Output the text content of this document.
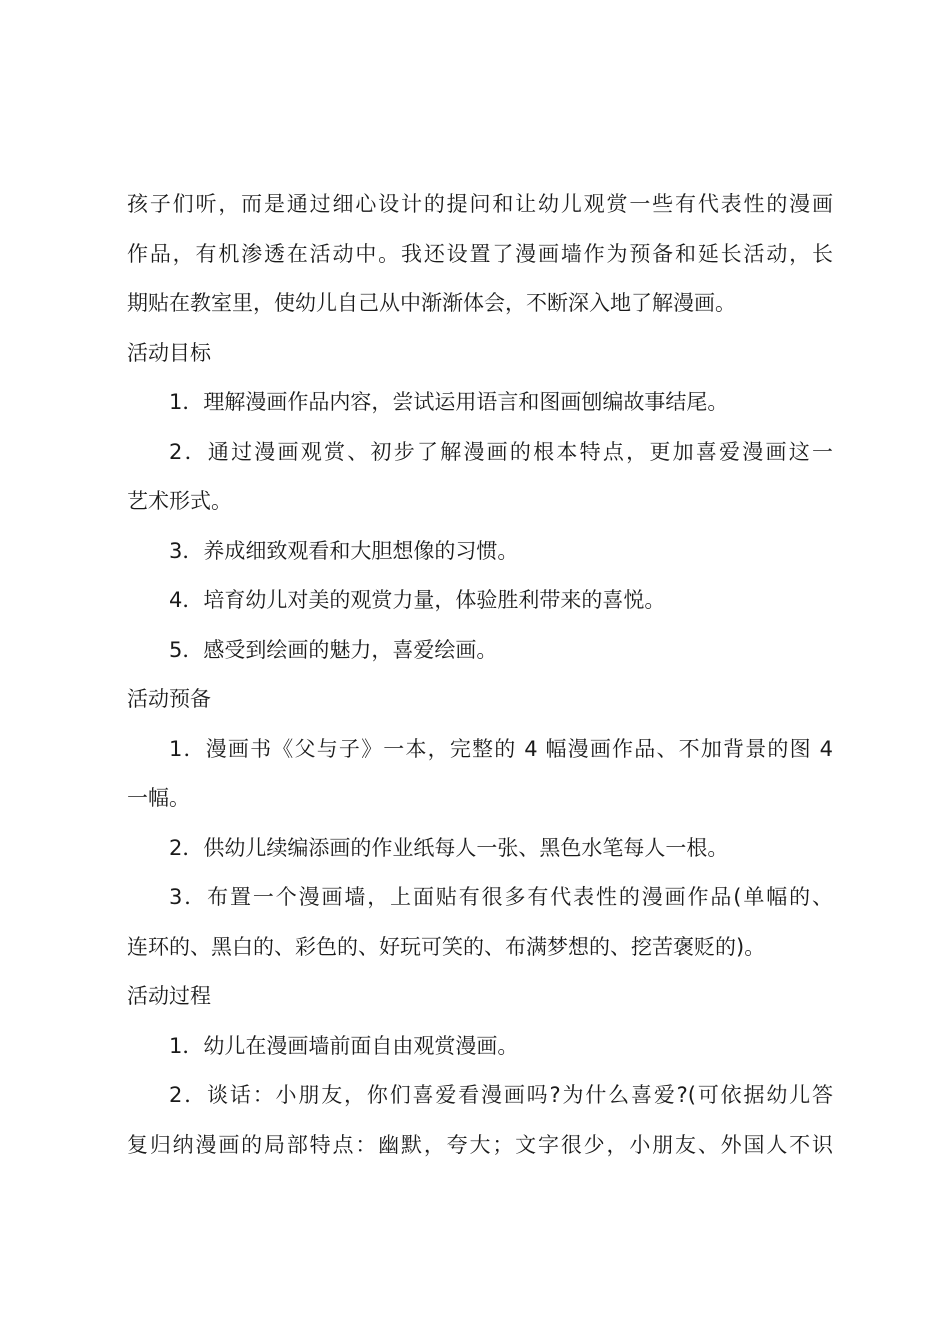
孩子们听，而是通过细心设计的提问和让幼儿观赏一些有代表性的漫画
作品，有机渗透在活动中。我还设置了漫画墙作为预备和延长活动，长
期贴在教室里，使幼儿自己从中渐渐体会，不断深入地了解漫画。
活动目标
1．理解漫画作品内容，尝试运用语言和图画刨编故事结尾。
2．通过漫画观赏、初步了解漫画的根本特点，更加喜爱漫画这一
艺术形式。
3．养成细致观看和大胆想像的习惯。
4．培育幼儿对美的观赏力量，体验胜利带来的喜悦。
5．感受到绘画的魅力，喜爱绘画。
活动预备
1．漫画书《父与子》一本，完整的 4 幅漫画作品、不加背景的图 4
一幅。
2．供幼儿续编添画的作业纸每人一张、黑色水笔每人一根。
3．布置一个漫画墙，上面贴有很多有代表性的漫画作品(单幅的、
连环的、黑白的、彩色的、好玩可笑的、布满梦想的、挖苦褒贬的)。
活动过程
1．幼儿在漫画墙前面自由观赏漫画。
2．谈话：小朋友，你们喜爱看漫画吗?为什么喜爱?(可依据幼儿答
复归纳漫画的局部特点：幽默，夸大；文字很少，小朋友、外国人不识
